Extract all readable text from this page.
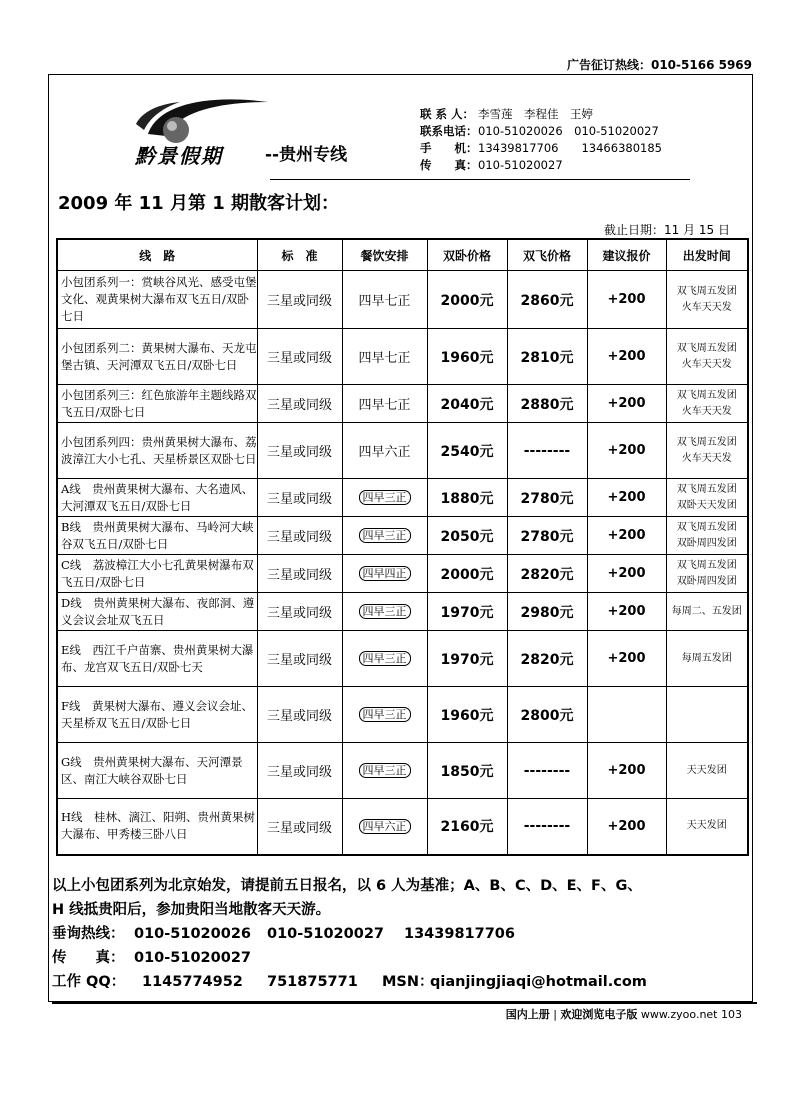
广告征订热线：010-5166 5969
黔景假期 --贵州专线
联 系 人： 李雪莲　李程佳　王婷
联系电话：010-51020026　 010-51020027
手　　机：13439817706　　 13466380185
传　　真：010-51020027
2009 年 11 月第 1 期散客计划：
截止日期：11 月 15 日
线　路	标　准	餐饮安排	双卧价格	双飞价格	建议报价	出发时间
小包团系列一：赏峡谷风光、感受屯堡文化、观黄果树大瀑布双飞五日/双卧七日	三星或同级	四早七正	2000元	2860元	+200	双飞周五发团
火车天天发

小包团系列二：黄果树大瀑布、天龙屯堡古镇、天河潭双飞五日/双卧七日	三星或同级	四早七正	1960元	2810元	+200	双飞周五发团
火车天天发

小包团系列三：红色旅游年主题线路双飞五日/双卧七日	三星或同级	四早七正	2040元	2880元	+200	双飞周五发团
火车天天发

小包团系列四：贵州黄果树大瀑布、荔波漳江大小七孔、天星桥景区双卧七日	三星或同级	四早六正	2540元	--------	+200	双飞周五发团
火车天天发

A线　贵州黄果树大瀑布、大名遗风、大河潭双飞五日/双卧七日	三星或同级	四早三正	1880元	2780元	+200	双飞周五发团
双卧天天发团

B线　贵州黄果树大瀑布、马岭河大峡谷双飞五日/双卧七日	三星或同级	四早三正	2050元	2780元	+200	双飞周五发团
双卧周四发团

C线　荔波樟江大小七孔黄果树瀑布双飞五日/双卧七日	三星或同级	四早四正	2000元	2820元	+200	双飞周五发团
双卧周四发团

D线　贵州黄果树大瀑布、夜郎洞、遵义会议会址双飞五日	三星或同级	四早三正	1970元	2980元	+200	每周二、五发团

E线　西江千户苗寨、贵州黄果树大瀑布、龙宫双飞五日/双卧七天	三星或同级	四早三正	1970元	2820元	+200	每周五发团

F线　黄果树大瀑布、遵义会议会址、天星桥双飞五日/双卧七日	三星或同级	四早三正	1960元	2800元		

G线　贵州黄果树大瀑布、天河潭景区、南江大峡谷双卧七日	三星或同级	四早三正	1850元	--------	+200	天天发团

H线　桂林、漓江、阳朔、贵州黄果树大瀑布、甲秀楼三卧八日	三星或同级	四早六正	2160元	--------	+200	天天发团
以上小包团系列为北京始发，请提前五日报名，以 6 人为基准；A、B、C、D、E、F、G、
H 线抵贵阳后，参加贵阳当地散客天天游。
垂询热线： 010-51020026 010-51020027 13439817706
传　　真： 010-51020027
工作 QQ： 1145774952 751875771 MSN：
qianjingjiaqi@hotmail.com
国内上册 | 欢迎浏览电子版 www.zyoo.net 103
